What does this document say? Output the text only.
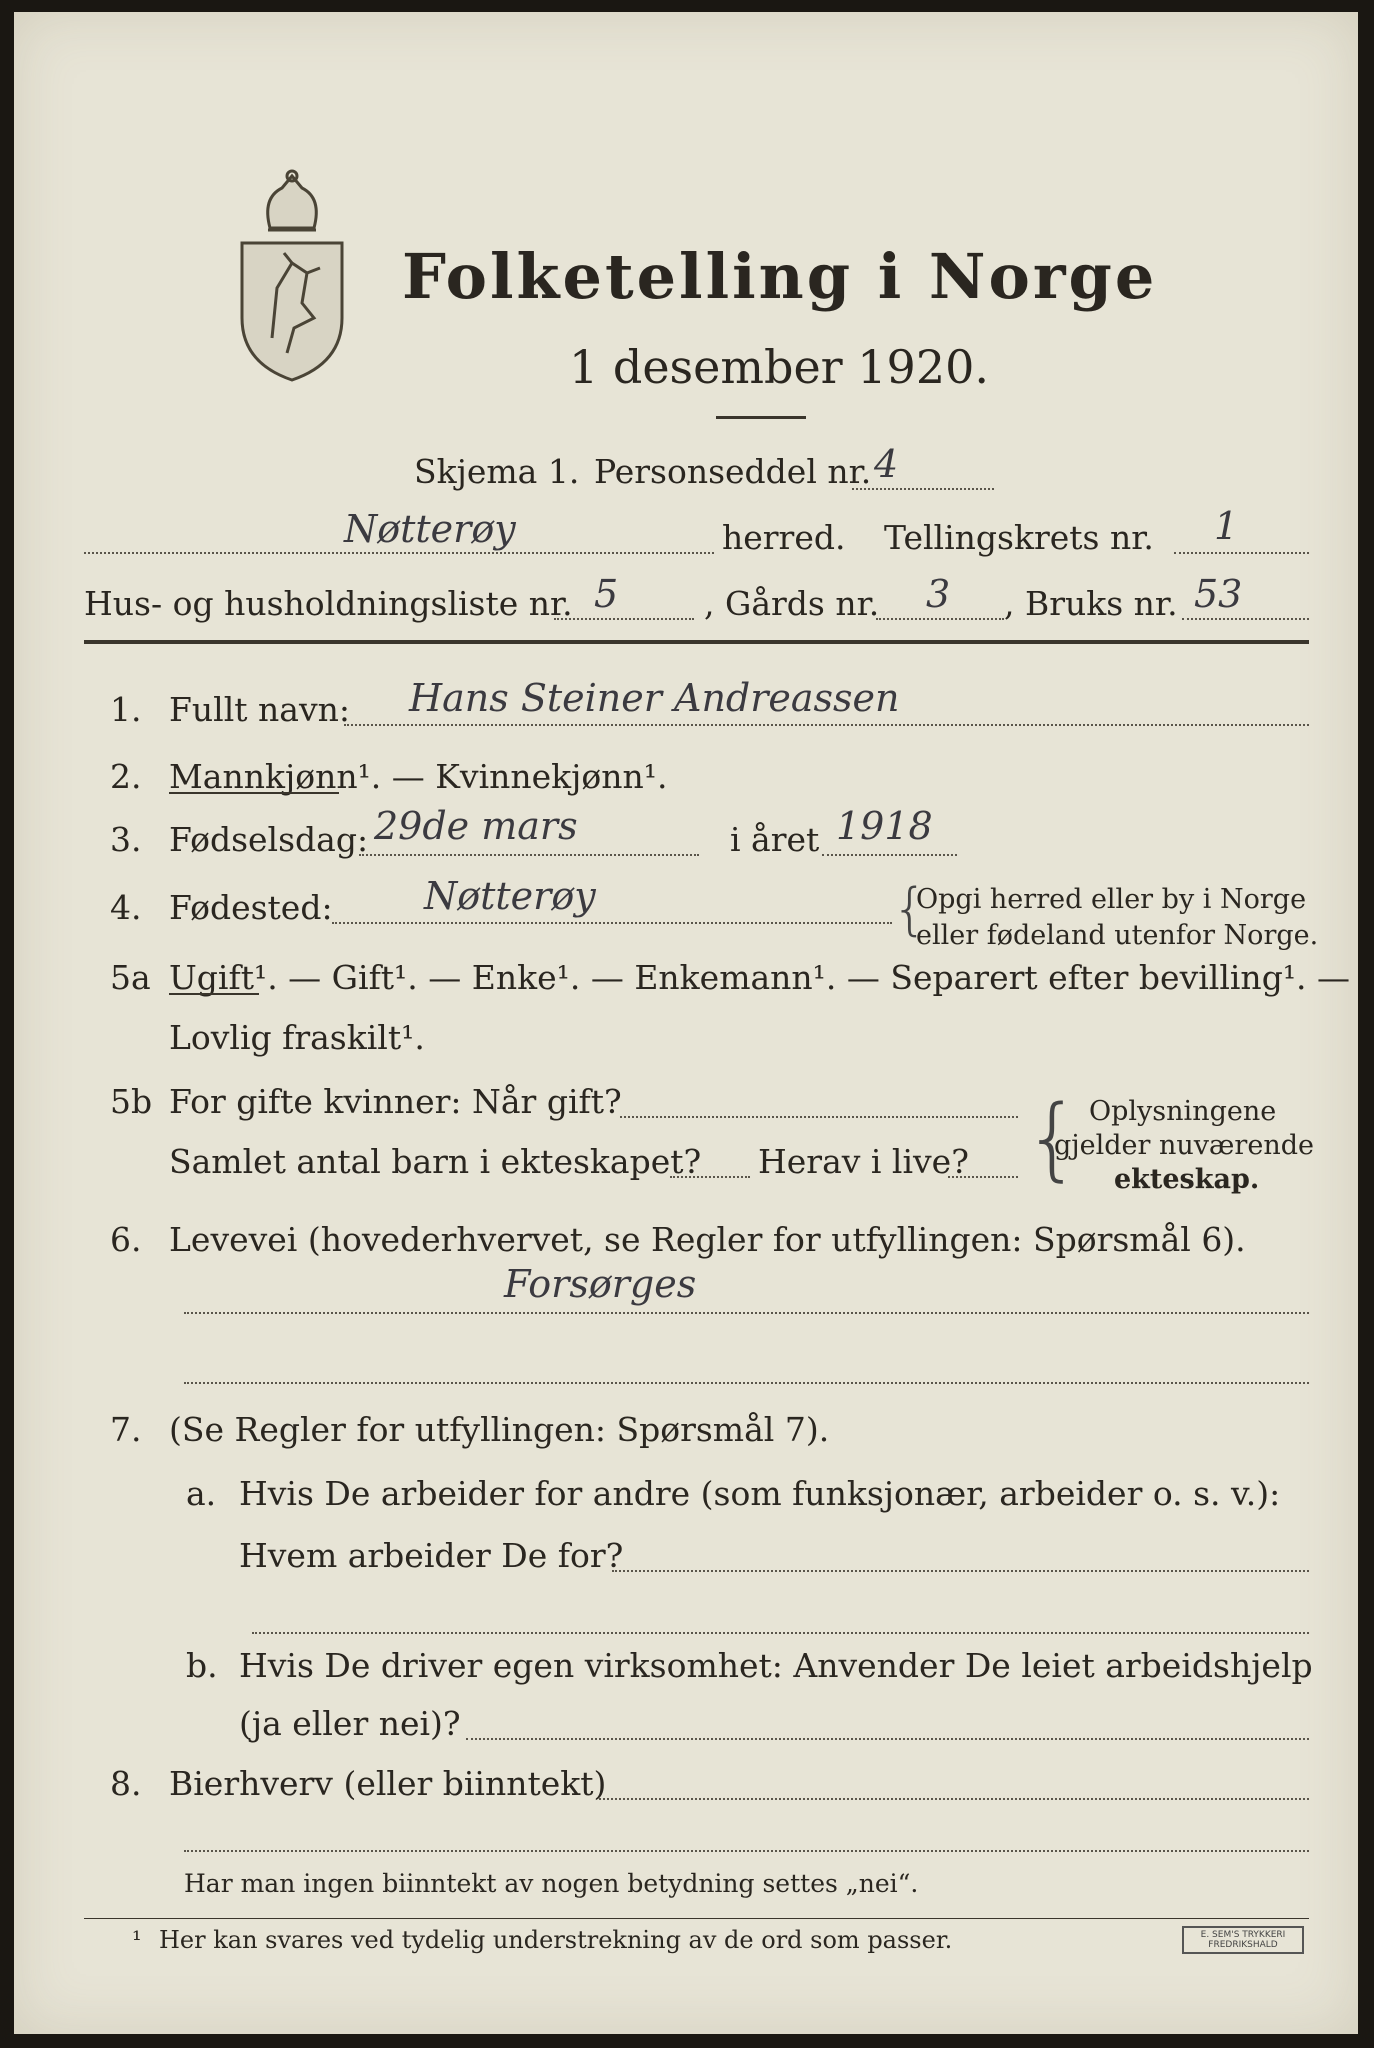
Folketelling i Norge
1 desember 1920.
Skjema 1. Personseddel nr. 4
Nøtterøy	herred. Tellingskrets nr. 1
Hus- og husholdningsliste nr. 5	, Gårds nr. 3 , Bruks nr. 53
1. Fullt navn: Hans Steiner Andreassen
2. Mannkjønn¹. — Kvinnekjønn¹.
3. Fødselsdag: 29de mars	i året 1918
4. Fødested: Nøtterøy	{
Opgi herred eller by i Norge
eller fødeland utenfor Norge.
5a Ugift¹. — Gift¹. — Enke¹. — Enkemann¹. — Separert efter bevilling¹. —
Lovlig fraskilt¹.
5b For gifte kvinner: Når gift?
Samlet antal barn i ekteskapet? Herav i live? { Oplysningene
gjelder nuværende
ekteskap.
6. Levevei (hovederhvervet, se Regler for utfyllingen: Spørsmål 6).
Forsørges
7. (Se Regler for utfyllingen: Spørsmål 7).
a. Hvis De arbeider for andre (som funksjonær, arbeider o. s. v.):
Hvem arbeider De for?
b. Hvis De driver egen virksomhet: Anvender De leiet arbeidshjelp
(ja eller nei)?
8. Bierhverv (eller biinntekt)
Har man ingen biinntekt av nogen betydning settes „nei“.
¹ Her kan svares ved tydelig understrekning av de ord som passer.	E. SEM'S TRYKKERI FREDRIKSHALD
